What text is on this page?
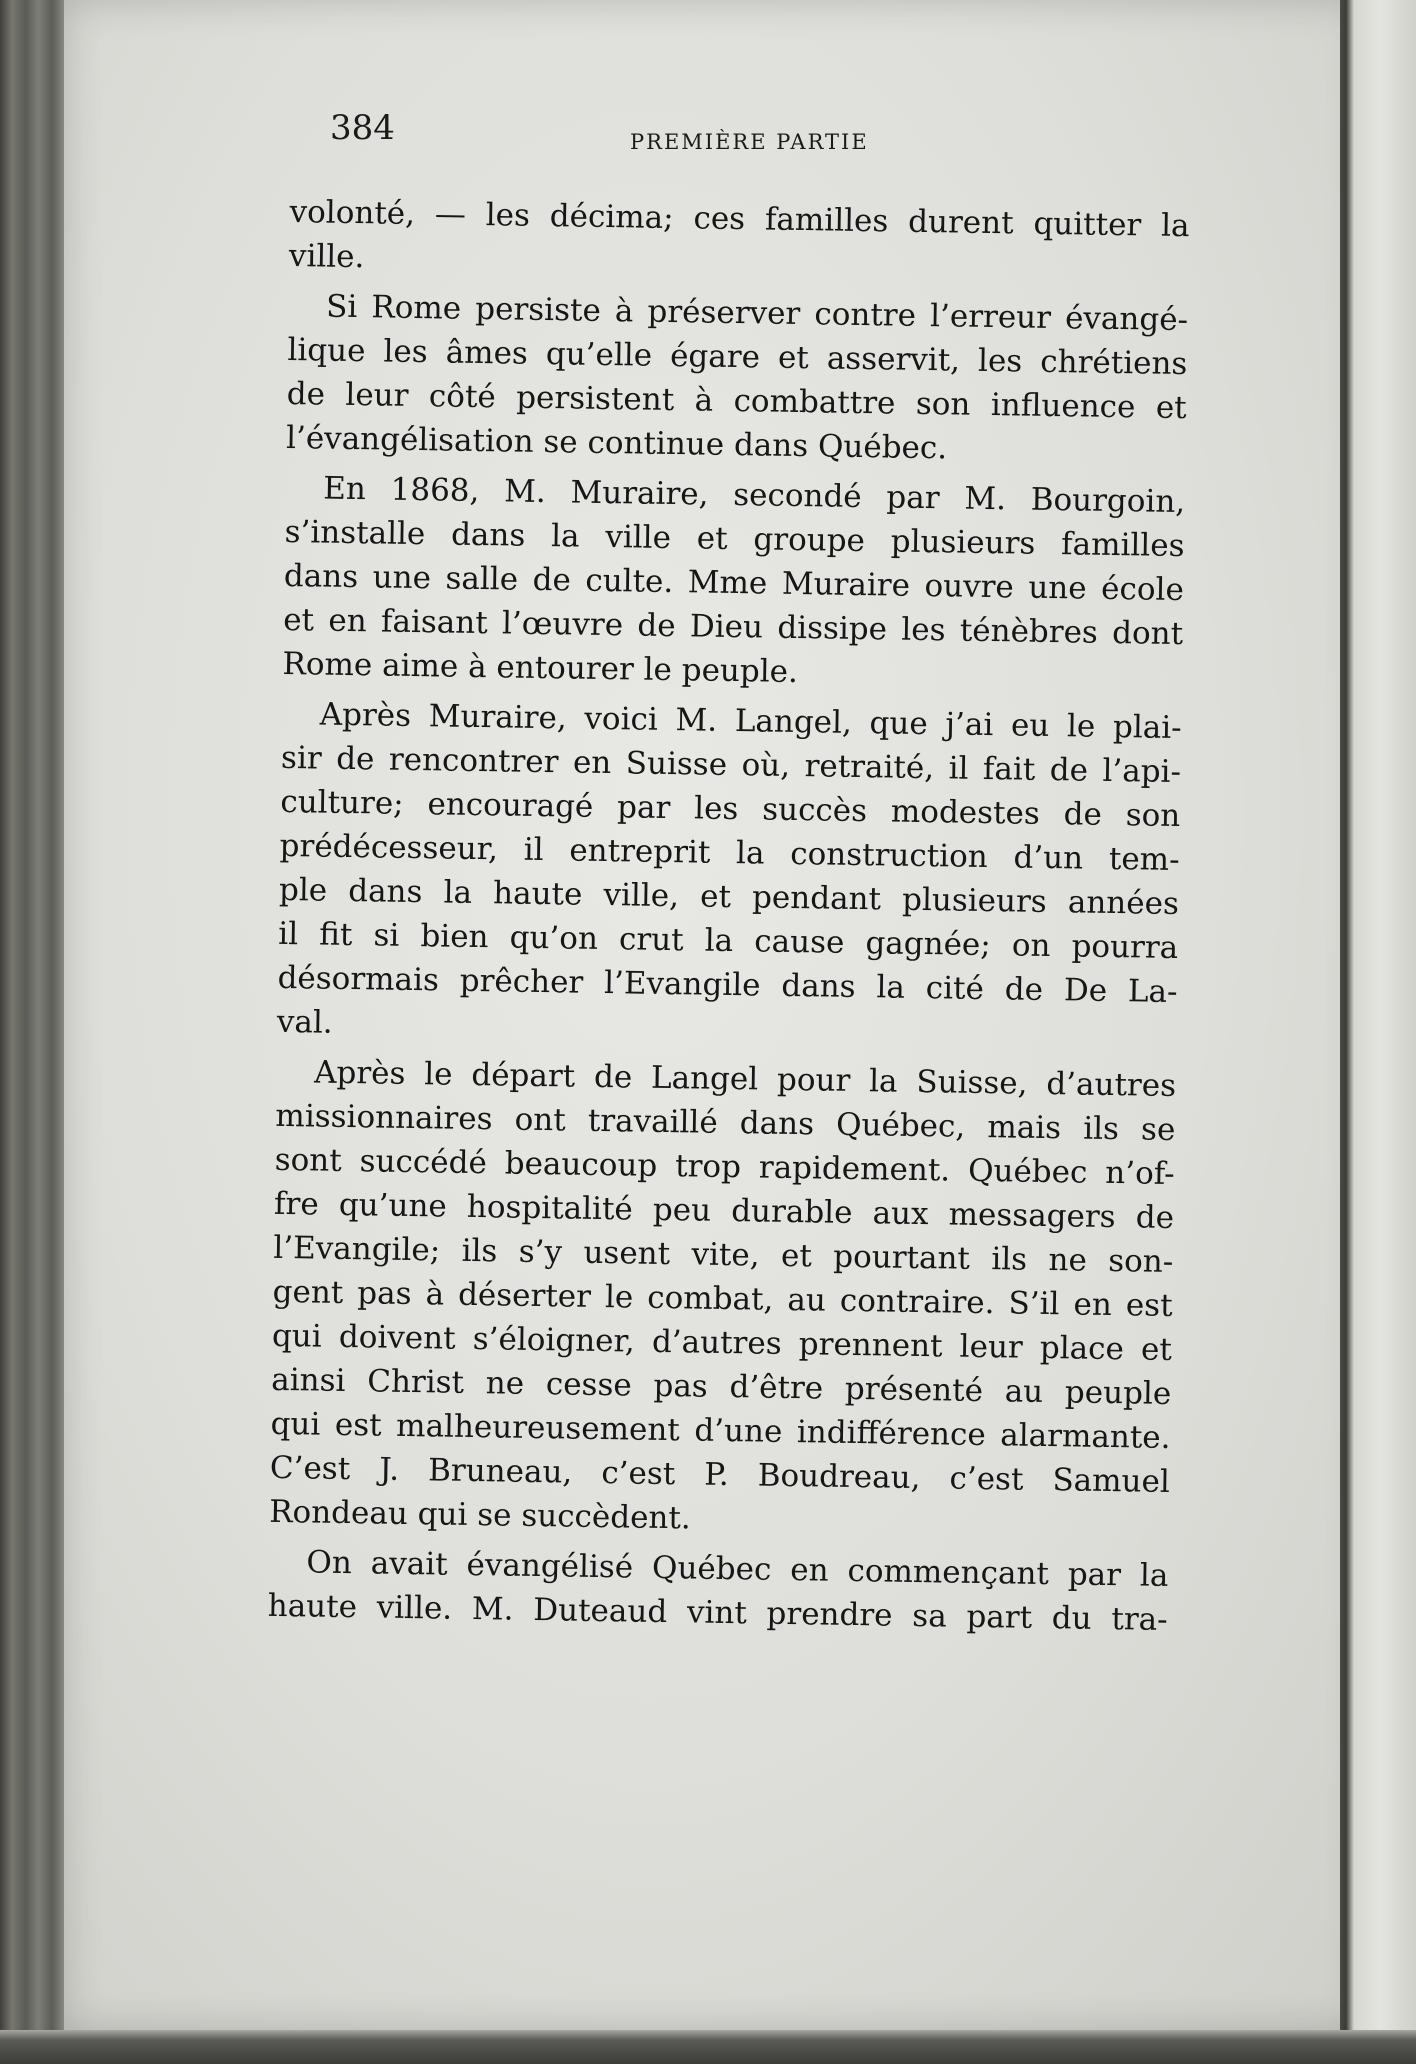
384	PREMIÈRE PARTIE
volonté, — les décima; ces familles durent quitter la
ville.
Si Rome persiste à préserver contre l’erreur évangé-
lique les âmes qu’elle égare et asservit, les chrétiens
de leur côté persistent à combattre son influence et
l’évangélisation se continue dans Québec.
En 1868, M. Muraire, secondé par M. Bourgoin,
s’installe dans la ville et groupe plusieurs familles
dans une salle de culte. Mme Muraire ouvre une école
et en faisant l’œuvre de Dieu dissipe les ténèbres dont
Rome aime à entourer le peuple.
Après Muraire, voici M. Langel, que j’ai eu le plai-
sir de rencontrer en Suisse où, retraité, il fait de l’api-
culture; encouragé par les succès modestes de son
prédécesseur, il entreprit la construction d’un tem-
ple dans la haute ville, et pendant plusieurs années
il fit si bien qu’on crut la cause gagnée; on pourra
désormais prêcher l’Evangile dans la cité de De La-
val.
Après le départ de Langel pour la Suisse, d’autres
missionnaires ont travaillé dans Québec, mais ils se
sont succédé beaucoup trop rapidement. Québec n’of-
fre qu’une hospitalité peu durable aux messagers de
l’Evangile; ils s’y usent vite, et pourtant ils ne son-
gent pas à déserter le combat, au contraire. S’il en est
qui doivent s’éloigner, d’autres prennent leur place et
ainsi Christ ne cesse pas d’être présenté au peuple
qui est malheureusement d’une indifférence alarmante.
C’est J. Bruneau, c’est P. Boudreau, c’est Samuel
Rondeau qui se succèdent.
On avait évangélisé Québec en commençant par la
haute ville. M. Duteaud vint prendre sa part du tra-
